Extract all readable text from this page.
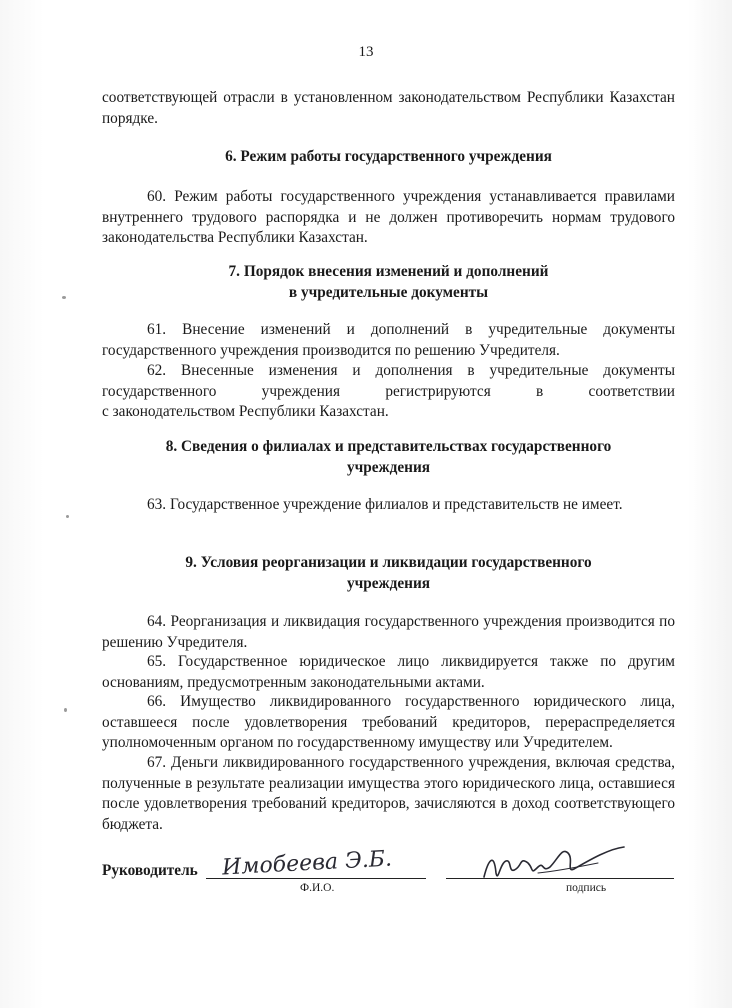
13

соответствующей отрасли в установленном законодательством Республики Казахстан порядке.

6. Режим работы государственного учреждения

60. Режим работы государственного учреждения устанавливается правилами внутреннего трудового распорядка и не должен противоречить нормам трудового законодательства Республики Казахстан.

7. Порядок внесения изменений и дополнений
в учредительные документы

61. Внесение изменений и дополнений в учредительные документы государственного учреждения производится по решению Учредителя.

62. Внесенные изменения и дополнения в учредительные документы
государственного учреждения регистрируются в соответствии
с законодательством Республики Казахстан.

8. Сведения о филиалах и представительствах государственного
учреждения

63. Государственное учреждение филиалов и представительств не имеет.

9. Условия реорганизации и ликвидации государственного
учреждения

64. Реорганизация и ликвидация государственного учреждения производится по решению Учредителя.

65. Государственное юридическое лицо ликвидируется также по другим основаниям, предусмотренным законодательными актами.

66. Имущество ликвидированного государственного юридического лица, оставшееся после удовлетворения требований кредиторов, перераспределяется уполномоченным органом по государственному имуществу или Учредителем.

67. Деньги ликвидированного государственного учреждения, включая средства, полученные в результате реализации имущества этого юридического лица, оставшиеся после удовлетворения требований кредиторов, зачисляются в доход соответствующего бюджета.

Руководитель Имобеева Э.Б.
Ф.И.О.	подпись
